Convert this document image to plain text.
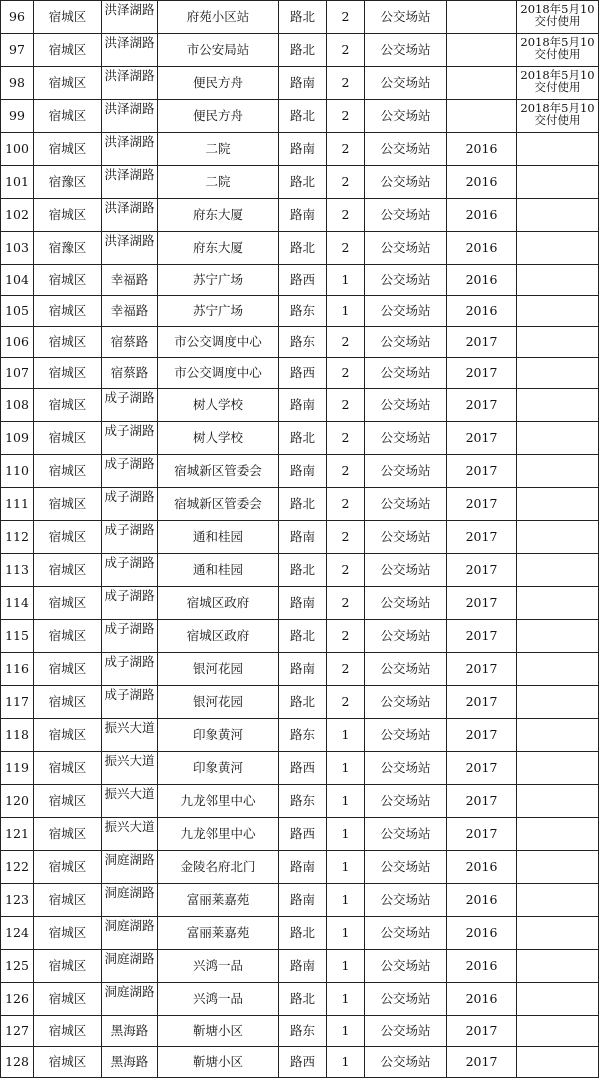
96	宿城区	洪泽湖路	府苑小区站	路北	2	公交场站		2018年5月10交付使用

97	宿城区	洪泽湖路	市公安局站	路北	2	公交场站		2018年5月10交付使用

98	宿城区	洪泽湖路	便民方舟	路南	2	公交场站		2018年5月10交付使用

99	宿城区	洪泽湖路	便民方舟	路北	2	公交场站		2018年5月10交付使用

100	宿城区	洪泽湖路	二院	路南	2	公交场站	2016	

101	宿豫区	洪泽湖路	二院	路北	2	公交场站	2016	

102	宿城区	洪泽湖路	府东大厦	路南	2	公交场站	2016	

103	宿豫区	洪泽湖路	府东大厦	路北	2	公交场站	2016	

104	宿城区	幸福路	苏宁广场	路西	1	公交场站	2016	

105	宿城区	幸福路	苏宁广场	路东	1	公交场站	2016	

106	宿城区	宿蔡路	市公交调度中心	路东	2	公交场站	2017	

107	宿城区	宿蔡路	市公交调度中心	路西	2	公交场站	2017	

108	宿城区	成子湖路	树人学校	路南	2	公交场站	2017	

109	宿城区	成子湖路	树人学校	路北	2	公交场站	2017	

110	宿城区	成子湖路	宿城新区管委会	路南	2	公交场站	2017	

111	宿城区	成子湖路	宿城新区管委会	路北	2	公交场站	2017	

112	宿城区	成子湖路	通和桂园	路南	2	公交场站	2017	

113	宿城区	成子湖路	通和桂园	路北	2	公交场站	2017	

114	宿城区	成子湖路	宿城区政府	路南	2	公交场站	2017	

115	宿城区	成子湖路	宿城区政府	路北	2	公交场站	2017	

116	宿城区	成子湖路	银河花园	路南	2	公交场站	2017	

117	宿城区	成子湖路	银河花园	路北	2	公交场站	2017	

118	宿城区	振兴大道	印象黄河	路东	1	公交场站	2017	

119	宿城区	振兴大道	印象黄河	路西	1	公交场站	2017	

120	宿城区	振兴大道	九龙邻里中心	路东	1	公交场站	2017	

121	宿城区	振兴大道	九龙邻里中心	路西	1	公交场站	2017	

122	宿城区	洞庭湖路	金陵名府北门	路南	1	公交场站	2016	

123	宿城区	洞庭湖路	富丽莱嘉苑	路南	1	公交场站	2016	

124	宿城区	洞庭湖路	富丽莱嘉苑	路北	1	公交场站	2016	

125	宿城区	洞庭湖路	兴鸿一品	路南	1	公交场站	2016	

126	宿城区	洞庭湖路	兴鸿一品	路北	1	公交场站	2016	

127	宿城区	黑海路	靳塘小区	路东	1	公交场站	2017	

128	宿城区	黑海路	靳塘小区	路西	1	公交场站	2017	
